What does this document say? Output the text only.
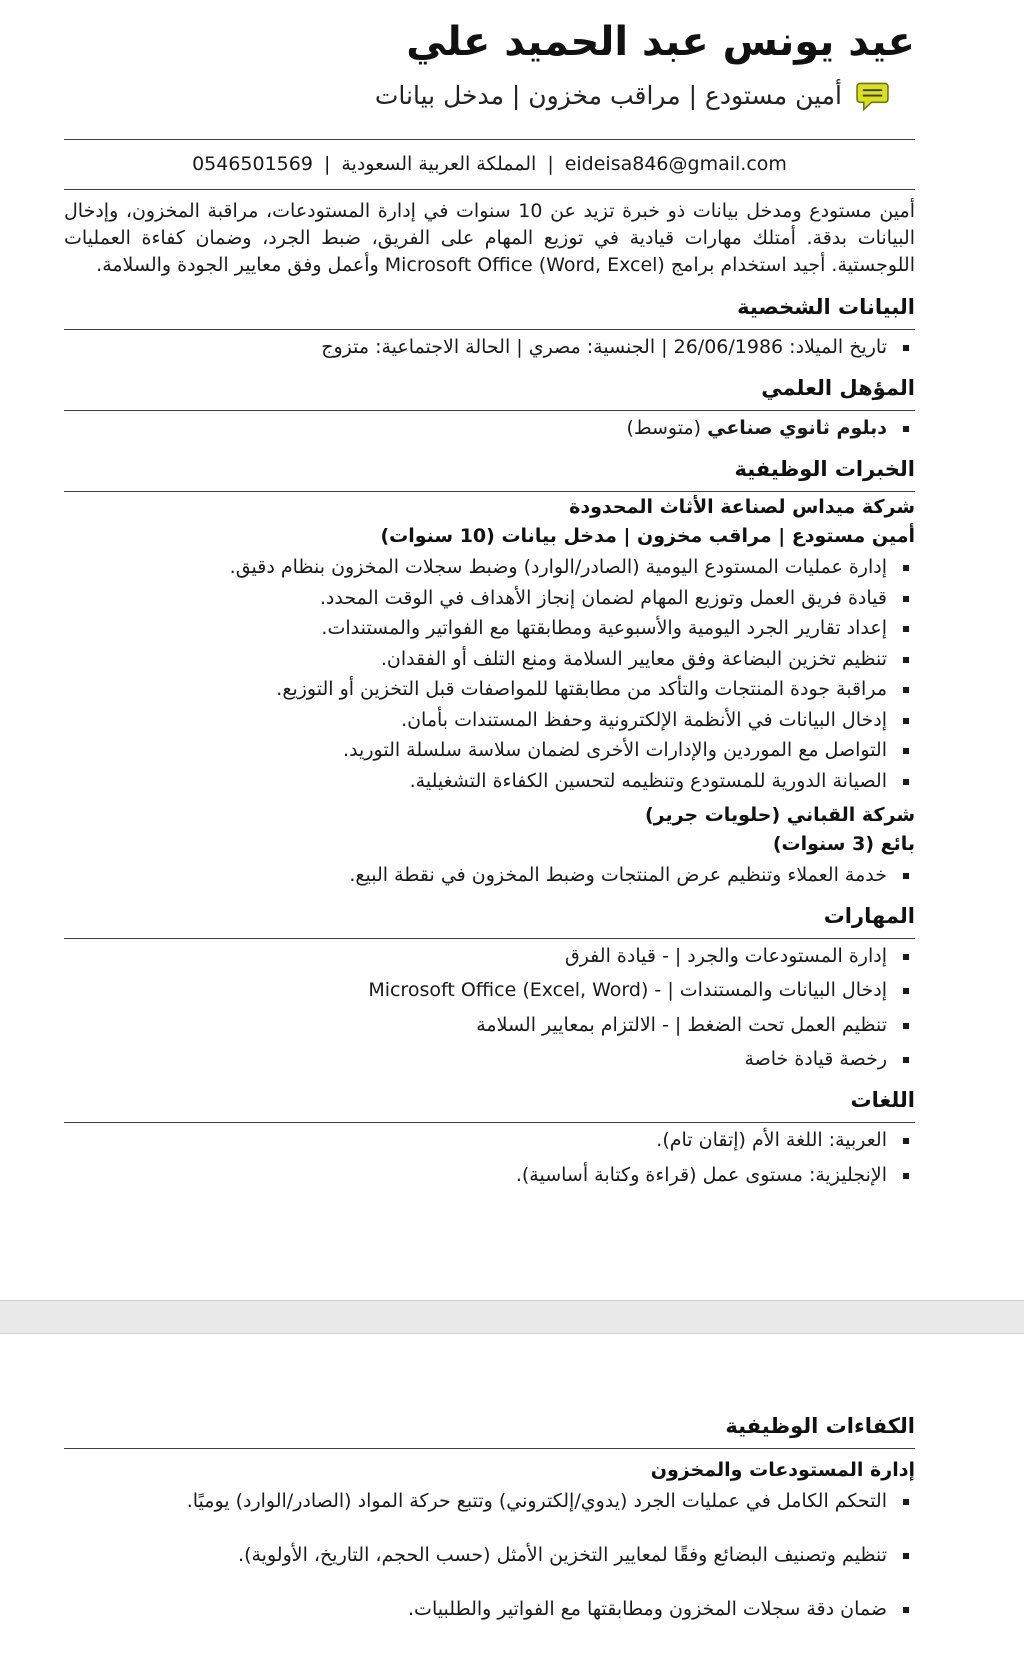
عيد يونس عبد الحميد علي
أمين مستودع | مراقب مخزون | مدخل بيانات
0546501569 | المملكة العربية السعودية | eideisa846@gmail.com

أمين مستودع ومدخل بيانات ذو خبرة تزيد عن 10 سنوات في إدارة المستودعات، مراقبة المخزون، وإدخال البيانات بدقة. أمتلك مهارات قيادية في توزيع المهام على الفريق، ضبط الجرد، وضمان كفاءة العمليات اللوجستية. أجيد استخدام برامج Microsoft Office (Word, Excel) وأعمل وفق معايير الجودة والسلامة.

البيانات الشخصية
▪ تاريخ الميلاد: 26/06/1986 | الجنسية: مصري | الحالة الاجتماعية: متزوج
المؤهل العلمي
▪ دبلوم ثانوي صناعي (متوسط)
الخبرات الوظيفية
شركة ميداس لصناعة الأثاث المحدودة
أمين مستودع | مراقب مخزون | مدخل بيانات (10 سنوات)
▪ إدارة عمليات المستودع اليومية (الصادر/الوارد) وضبط سجلات المخزون بنظام دقيق.
▪ قيادة فريق العمل وتوزيع المهام لضمان إنجاز الأهداف في الوقت المحدد.
▪ إعداد تقارير الجرد اليومية والأسبوعية ومطابقتها مع الفواتير والمستندات.
▪ تنظيم تخزين البضاعة وفق معايير السلامة ومنع التلف أو الفقدان.
▪ مراقبة جودة المنتجات والتأكد من مطابقتها للمواصفات قبل التخزين أو التوزيع.
▪ إدخال البيانات في الأنظمة الإلكترونية وحفظ المستندات بأمان.
▪ التواصل مع الموردين والإدارات الأخرى لضمان سلاسة سلسلة التوريد.
▪ الصيانة الدورية للمستودع وتنظيمه لتحسين الكفاءة التشغيلية.
شركة القباني (حلويات جرير)
بائع (3 سنوات)
▪ خدمة العملاء وتنظيم عرض المنتجات وضبط المخزون في نقطة البيع.
المهارات
▪ إدارة المستودعات والجرد | - قيادة الفرق
▪ إدخال البيانات والمستندات | - Microsoft Office (Excel, Word)
▪ تنظيم العمل تحت الضغط | - الالتزام بمعايير السلامة
▪ رخصة قيادة خاصة
اللغات
▪ العربية: اللغة الأم (إتقان تام).
▪ الإنجليزية: مستوى عمل (قراءة وكتابة أساسية).
الكفاءات الوظيفية
إدارة المستودعات والمخزون
▪ التحكم الكامل في عمليات الجرد (يدوي/إلكتروني) وتتبع حركة المواد (الصادر/الوارد) يوميًا.
▪ تنظيم وتصنيف البضائع وفقًا لمعايير التخزين الأمثل (حسب الحجم، التاريخ، الأولوية).
▪ ضمان دقة سجلات المخزون ومطابقتها مع الفواتير والطلبيات.
